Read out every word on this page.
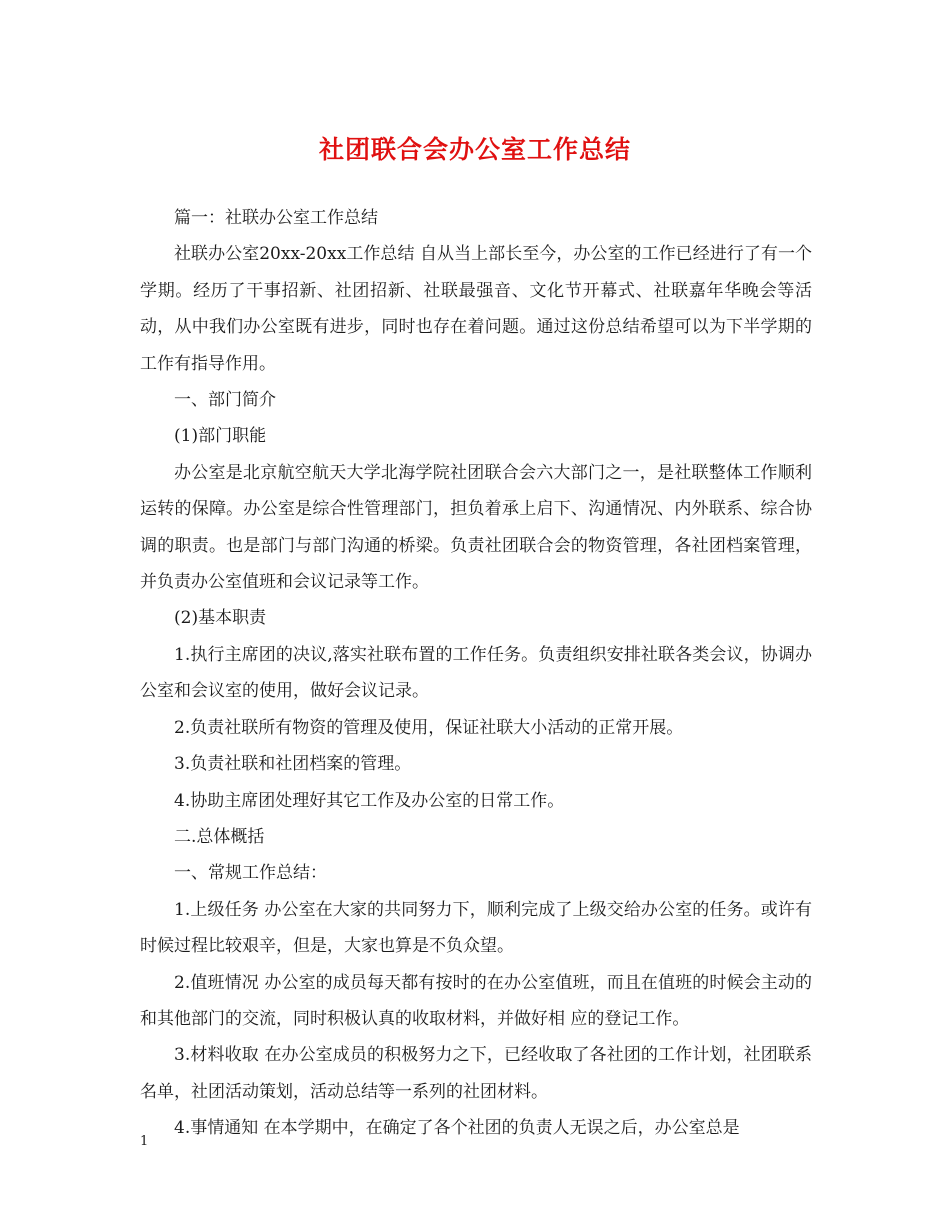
社团联合会办公室工作总结

篇一：社联办公室工作总结

社联办公室20xx-20xx工作总结 自从当上部长至今，办公室的工作已经进行了有一个学期。经历了干事招新、社团招新、社联最强音、文化节开幕式、社联嘉年华晚会等活动，从中我们办公室既有进步，同时也存在着问题。通过这份总结希望可以为下半学期的工作有指导作用。

一、部门简介

(1)部门职能

办公室是北京航空航天大学北海学院社团联合会六大部门之一，是社联整体工作顺利运转的保障。办公室是综合性管理部门，担负着承上启下、沟通情况、内外联系、综合协调的职责。也是部门与部门沟通的桥梁。负责社团联合会的物资管理，各社团档案管理，并负责办公室值班和会议记录等工作。

(2)基本职责

1.执行主席团的决议,落实社联布置的工作任务。负责组织安排社联各类会议，协调办公室和会议室的使用，做好会议记录。

2.负责社联所有物资的管理及使用，保证社联大小活动的正常开展。

3.负责社联和社团档案的管理。

4.协助主席团处理好其它工作及办公室的日常工作。

二.总体概括

一、常规工作总结：

1.上级任务 办公室在大家的共同努力下，顺利完成了上级交给办公室的任务。或许有时候过程比较艰辛，但是，大家也算是不负众望。

2.值班情况 办公室的成员每天都有按时的在办公室值班，而且在值班的时候会主动的和其他部门的交流，同时积极认真的收取材料，并做好相 应的登记工作。

3.材料收取 在办公室成员的积极努力之下，已经收取了各社团的工作计划，社团联系名单，社团活动策划，活动总结等一系列的社团材料。

4.事情通知 在本学期中，在确定了各个社团的负责人无误之后，办公室总是

1
